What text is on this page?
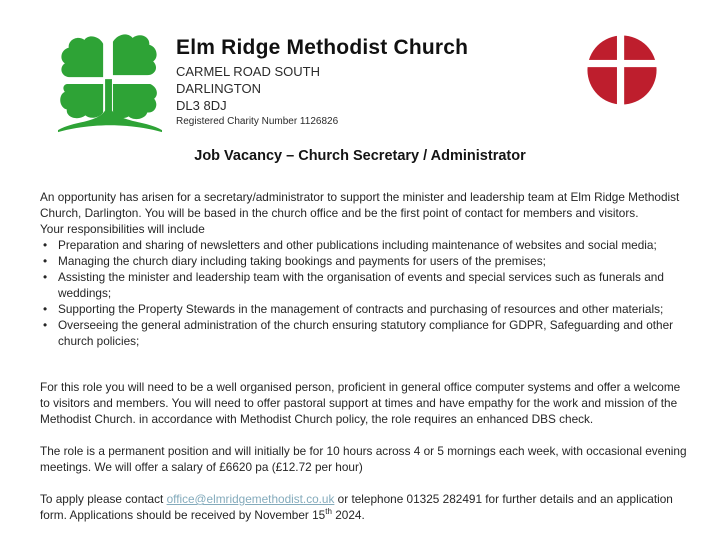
Elm Ridge Methodist Church
CARMEL ROAD SOUTH
DARLINGTON
DL3 8DJ
Registered Charity Number 1126826
Job Vacancy – Church Secretary / Administrator

An opportunity has arisen for a secretary/administrator to support the minister and leadership team at Elm Ridge Methodist Church, Darlington. You will be based in the church office and be the first point of contact for members and visitors.

Your responsibilities will include

• Preparation and sharing of newsletters and other publications including maintenance of websites and social media;
• Managing the church diary including taking bookings and payments for users of the premises;
• Assisting the minister and leadership team with the organisation of events and special services such as funerals and weddings;
• Supporting the Property Stewards in the management of contracts and purchasing of resources and other materials;
• Overseeing the general administration of the church ensuring statutory compliance for GDPR, Safeguarding and other church policies;

For this role you will need to be a well organised person, proficient in general office computer systems and offer a welcome to visitors and members. You will need to offer pastoral support at times and have empathy for the work and mission of the Methodist Church. in accordance with Methodist Church policy, the role requires an enhanced DBS check.

The role is a permanent position and will initially be for 10 hours across 4 or 5 mornings each week, with occasional evening meetings. We will offer a salary of £6620 pa (£12.72 per hour)

To apply please contact office@elmridgemethodist.co.uk or telephone 01325 282491 for further details and an application form. Applications should be received by November 15th 2024.
